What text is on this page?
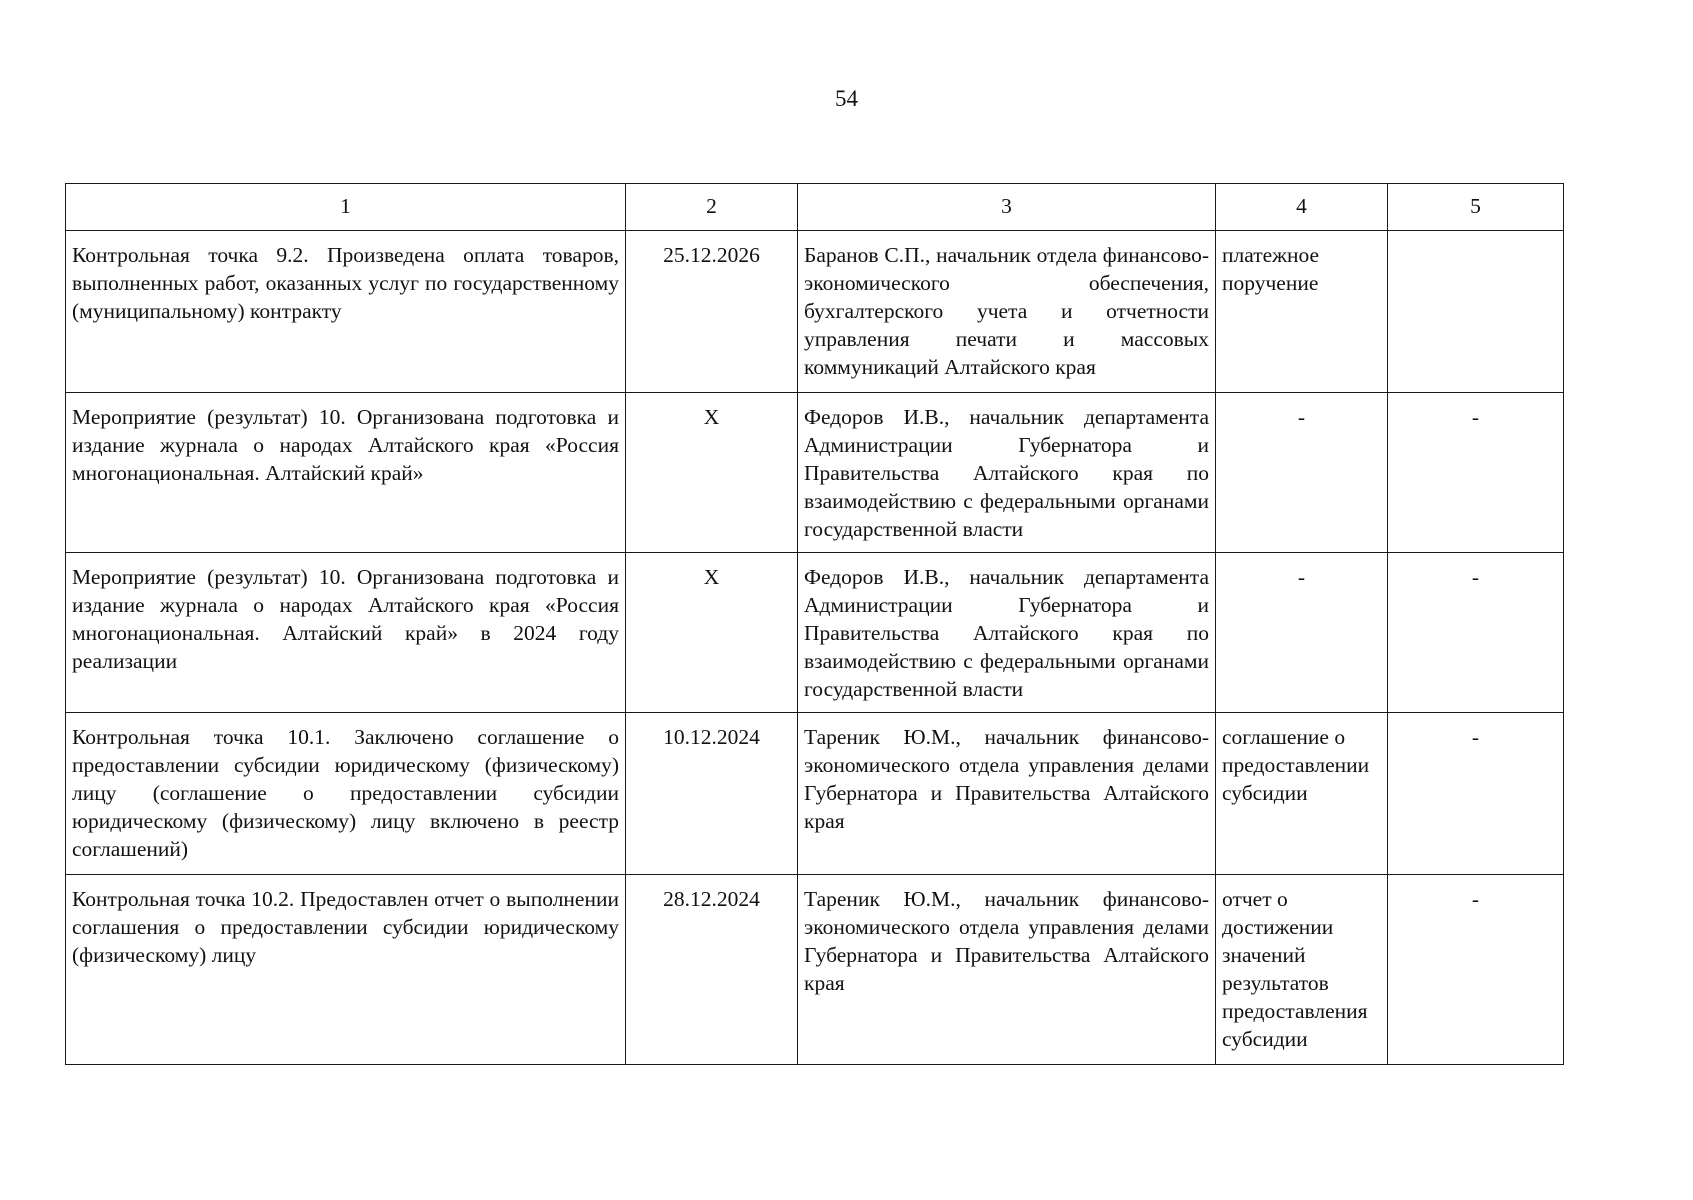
54
1	2	3	4	5
Контрольная точка 9.2. Произведена оплата товаров, выполненных работ, оказанных услуг по государственному (муниципальному) контракту	25.12.2026	Баранов С.П., начальник отдела финансово-экономического обеспечения, бухгалтерского учета и отчетности управления печати и массовых коммуникаций Алтайского края	платежное поручение	
Мероприятие (результат) 10. Организована подготовка и издание журнала о народах Алтайского края «Россия многонациональная. Алтайский край»	X	Федоров И.В., начальник департамента Администрации Губернатора и Правительства Алтайского края по взаимодействию с федеральными органами государственной власти	-	-
Мероприятие (результат) 10. Организована подготовка и издание журнала о народах Алтайского края «Россия многонациональная. Алтайский край» в 2024 году реализации	X	Федоров И.В., начальник департамента Администрации Губернатора и Правительства Алтайского края по взаимодействию с федеральными органами государственной власти	-	-
Контрольная точка 10.1. Заключено соглашение о предоставлении субсидии юридическому (физическому) лицу (соглашение о предоставлении субсидии юридическому (физическому) лицу включено в реестр соглашений)	10.12.2024	Тареник Ю.М., начальник финансово-экономического отдела управления делами Губернатора и Правительства Алтайского края	соглашение о предоставлении субсидии	-
Контрольная точка 10.2. Предоставлен отчет о выполнении соглашения о предоставлении субсидии юридическому (физическому) лицу	28.12.2024	Тареник Ю.М., начальник финансово-экономического отдела управления делами Губернатора и Правительства Алтайского края	отчет о достижении значений результатов предоставления субсидии	-
